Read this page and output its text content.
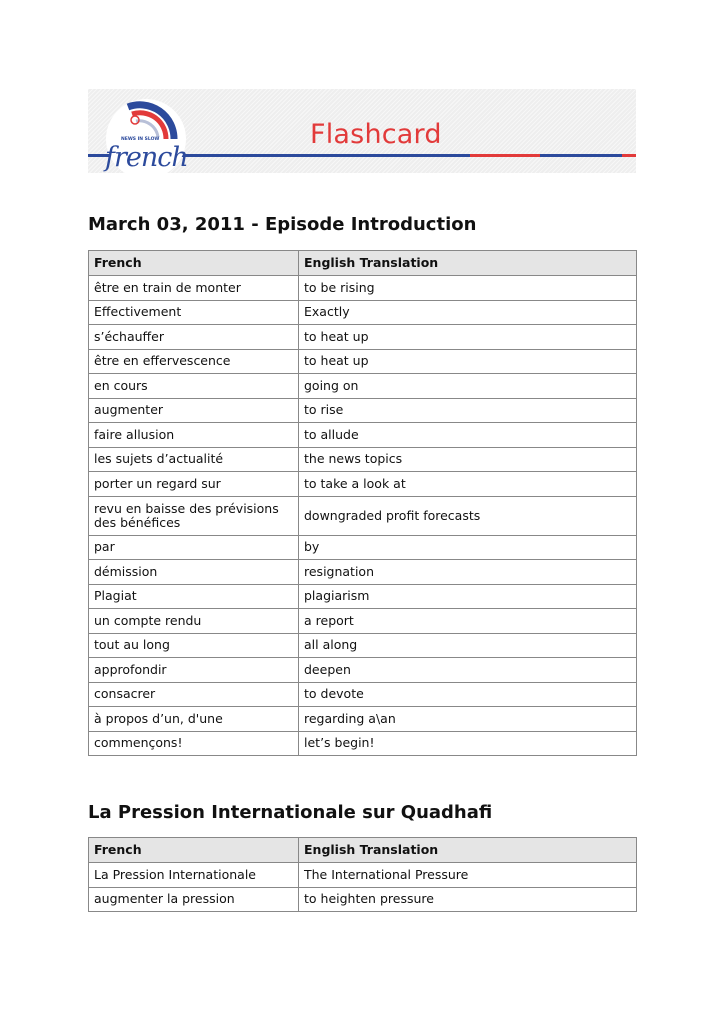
NEWS IN SLOW
french
Flashcard
March 03, 2011 - Episode Introduction
French	English Translation
être en train de monter	to be rising
Effectivement	Exactly
s’échauffer	to heat up
être en effervescence	to heat up
en cours	going on
augmenter	to rise
faire allusion	to allude
les sujets d’actualité	the news topics
porter un regard sur	to take a look at
revu en baisse des prévisions des bénéfices	downgraded profit forecasts
par	by
démission	resignation
Plagiat	plagiarism
un compte rendu	a report
tout au long	all along
approfondir	deepen
consacrer	to devote
à propos d’un, d'une	regarding a\an
commençons!	let’s begin!
La Pression Internationale sur Quadhafi
French	English Translation
La Pression Internationale	The International Pressure
augmenter la pression	to heighten pressure
